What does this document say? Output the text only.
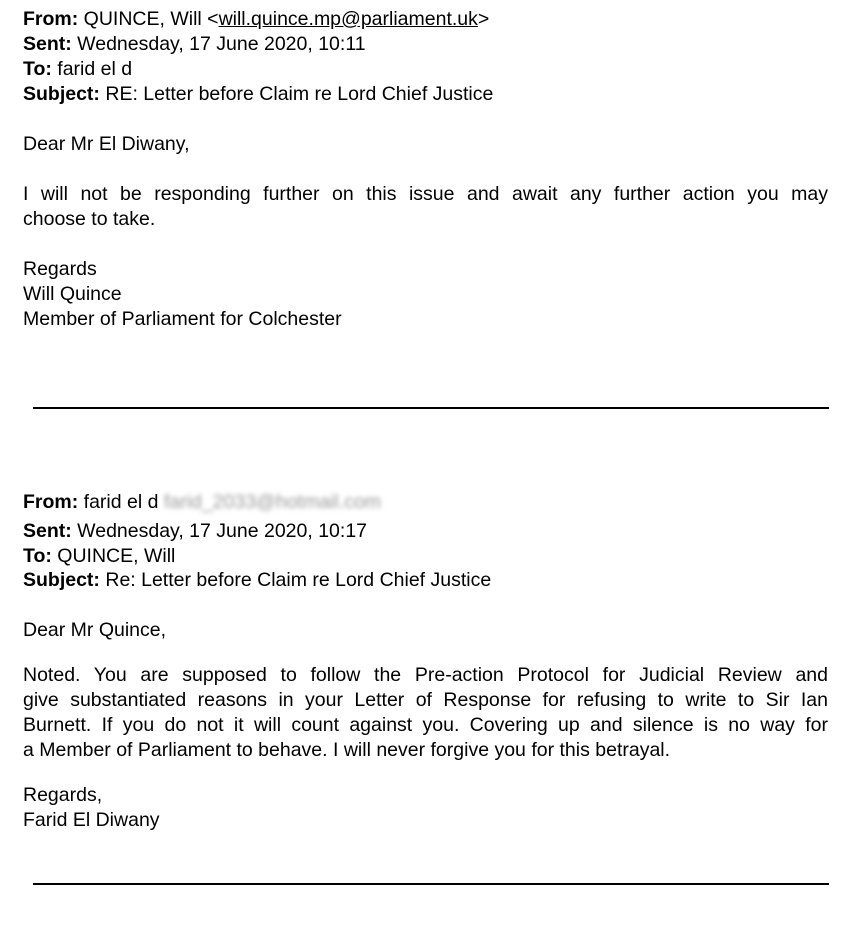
From: QUINCE, Will <will.quince.mp@parliament.uk>
Sent: Wednesday, 17 June 2020, 10:11
To: farid el d
Subject: RE: Letter before Claim re Lord Chief Justice
Dear Mr El Diwany,
I will not be responding further on this issue and await any further action you may
choose to take.
Regards
Will Quince
Member of Parliament for Colchester
From: farid el d farid_2033@hotmail.com
Sent: Wednesday, 17 June 2020, 10:17
To: QUINCE, Will
Subject: Re: Letter before Claim re Lord Chief Justice
Dear Mr Quince,
Noted. You are supposed to follow the Pre-action Protocol for Judicial Review and
give substantiated reasons in your Letter of Response for refusing to write to Sir Ian
Burnett. If you do not it will count against you. Covering up and silence is no way for
a Member of Parliament to behave. I will never forgive you for this betrayal.
Regards,
Farid El Diwany
